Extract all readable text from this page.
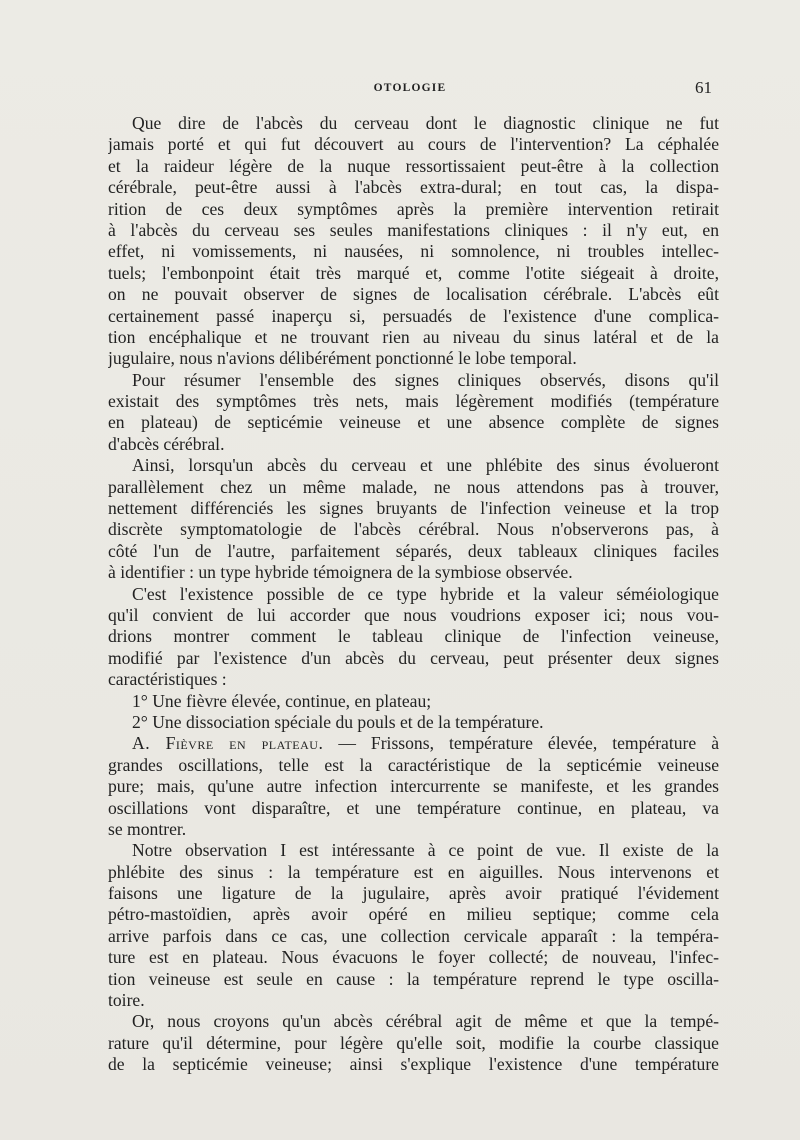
OTOLOGIE	61
Que dire de l'abcès du cerveau dont le diagnostic clinique ne fut
jamais porté et qui fut découvert au cours de l'intervention? La céphalée
et la raideur légère de la nuque ressortissaient peut-être à la collection
cérébrale, peut-être aussi à l'abcès extra-dural; en tout cas, la dispa-
rition de ces deux symptômes après la première intervention retirait
à l'abcès du cerveau ses seules manifestations cliniques : il n'y eut, en
effet, ni vomissements, ni nausées, ni somnolence, ni troubles intellec-
tuels; l'embonpoint était très marqué et, comme l'otite siégeait à droite,
on ne pouvait observer de signes de localisation cérébrale. L'abcès eût
certainement passé inaperçu si, persuadés de l'existence d'une complica-
tion encéphalique et ne trouvant rien au niveau du sinus latéral et de la
jugulaire, nous n'avions délibérément ponctionné le lobe temporal.
Pour résumer l'ensemble des signes cliniques observés, disons qu'il
existait des symptômes très nets, mais légèrement modifiés (température
en plateau) de septicémie veineuse et une absence complète de signes
d'abcès cérébral.
Ainsi, lorsqu'un abcès du cerveau et une phlébite des sinus évolueront
parallèlement chez un même malade, ne nous attendons pas à trouver,
nettement différenciés les signes bruyants de l'infection veineuse et la trop
discrète symptomatologie de l'abcès cérébral. Nous n'observerons pas, à
côté l'un de l'autre, parfaitement séparés, deux tableaux cliniques faciles
à identifier : un type hybride témoignera de la symbiose observée.
C'est l'existence possible de ce type hybride et la valeur séméiologique
qu'il convient de lui accorder que nous voudrions exposer ici; nous vou-
drions montrer comment le tableau clinique de l'infection veineuse,
modifié par l'existence d'un abcès du cerveau, peut présenter deux signes
caractéristiques :
1° Une fièvre élevée, continue, en plateau;
2° Une dissociation spéciale du pouls et de la température.
A. Fièvre en plateau. — Frissons, température élevée, température à
grandes oscillations, telle est la caractéristique de la septicémie veineuse
pure; mais, qu'une autre infection intercurrente se manifeste, et les grandes
oscillations vont disparaître, et une température continue, en plateau, va
se montrer.
Notre observation I est intéressante à ce point de vue. Il existe de la
phlébite des sinus : la température est en aiguilles. Nous intervenons et
faisons une ligature de la jugulaire, après avoir pratiqué l'évidement
pétro-mastoïdien, après avoir opéré en milieu septique; comme cela
arrive parfois dans ce cas, une collection cervicale apparaît : la tempéra-
ture est en plateau. Nous évacuons le foyer collecté; de nouveau, l'infec-
tion veineuse est seule en cause : la température reprend le type oscilla-
toire.
Or, nous croyons qu'un abcès cérébral agit de même et que la tempé-
rature qu'il détermine, pour légère qu'elle soit, modifie la courbe classique
de la septicémie veineuse; ainsi s'explique l'existence d'une température
